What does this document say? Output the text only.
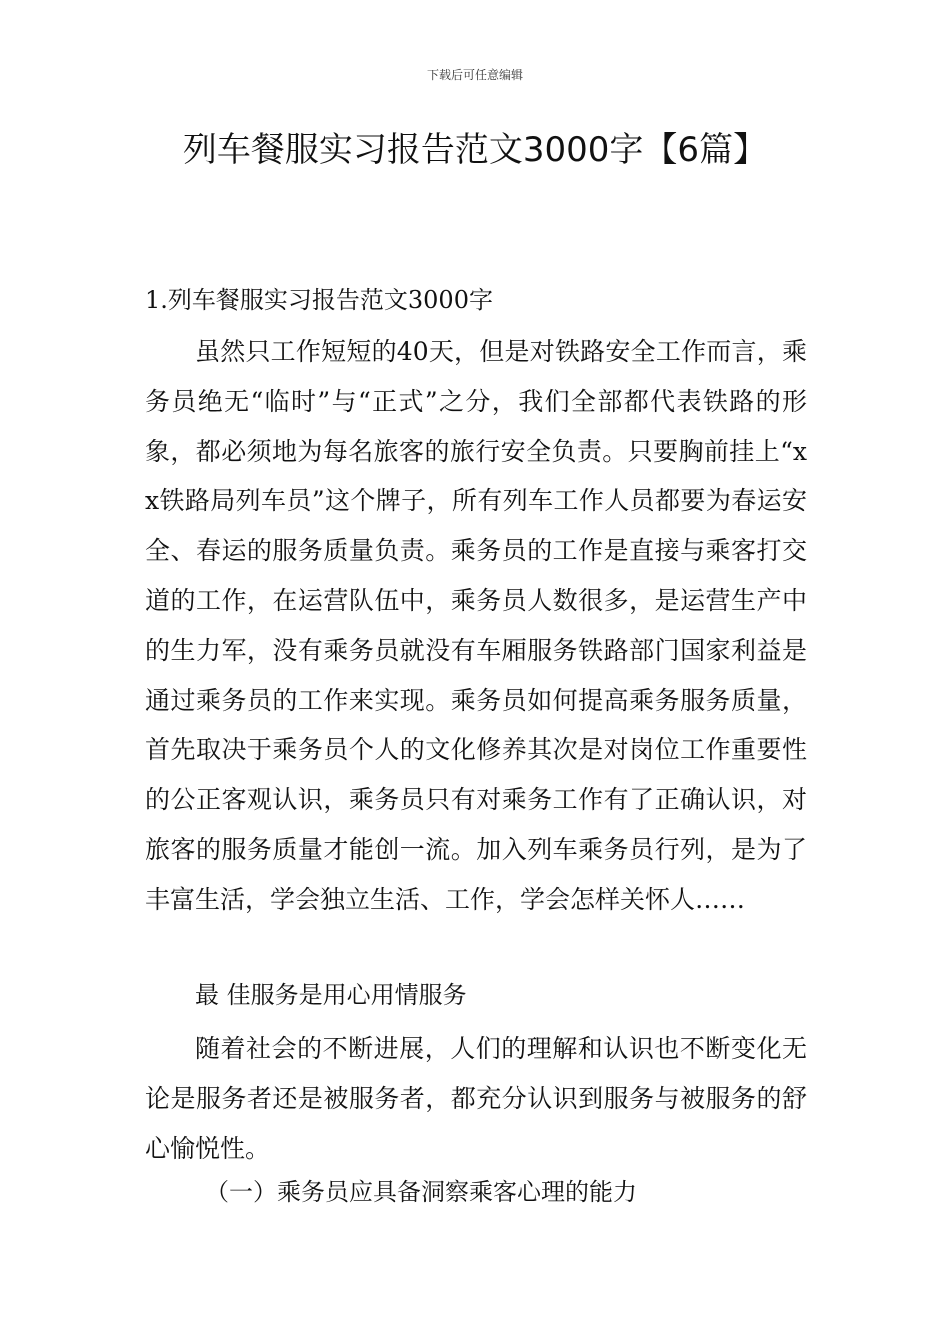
下载后可任意编辑
列车餐服实习报告范文3000字【6篇】
1.列车餐服实习报告范文3000字

虽然只工作短短的40天，但是对铁路安全工作而言，乘务员绝无“临时”与“正式”之分，我们全部都代表铁路的形象，都必须地为每名旅客的旅行安全负责。只要胸前挂上“xx铁路局列车员”这个牌子，所有列车工作人员都要为春运安全、春运的服务质量负责。乘务员的工作是直接与乘客打交道的工作，在运营队伍中，乘务员人数很多，是运营生产中的生力军，没有乘务员就没有车厢服务铁路部门国家利益是通过乘务员的工作来实现。乘务员如何提高乘务服务质量，首先取决于乘务员个人的文化修养其次是对岗位工作重要性的公正客观认识，乘务员只有对乘务工作有了正确认识，对旅客的服务质量才能创一流。加入列车乘务员行列，是为了丰富生活，学会独立生活、工作，学会怎样关怀人……

最 佳服务是用心用情服务

随着社会的不断进展，人们的理解和认识也不断变化无论是服务者还是被服务者，都充分认识到服务与被服务的舒心愉悦性。

（一）乘务员应具备洞察乘客心理的能力
